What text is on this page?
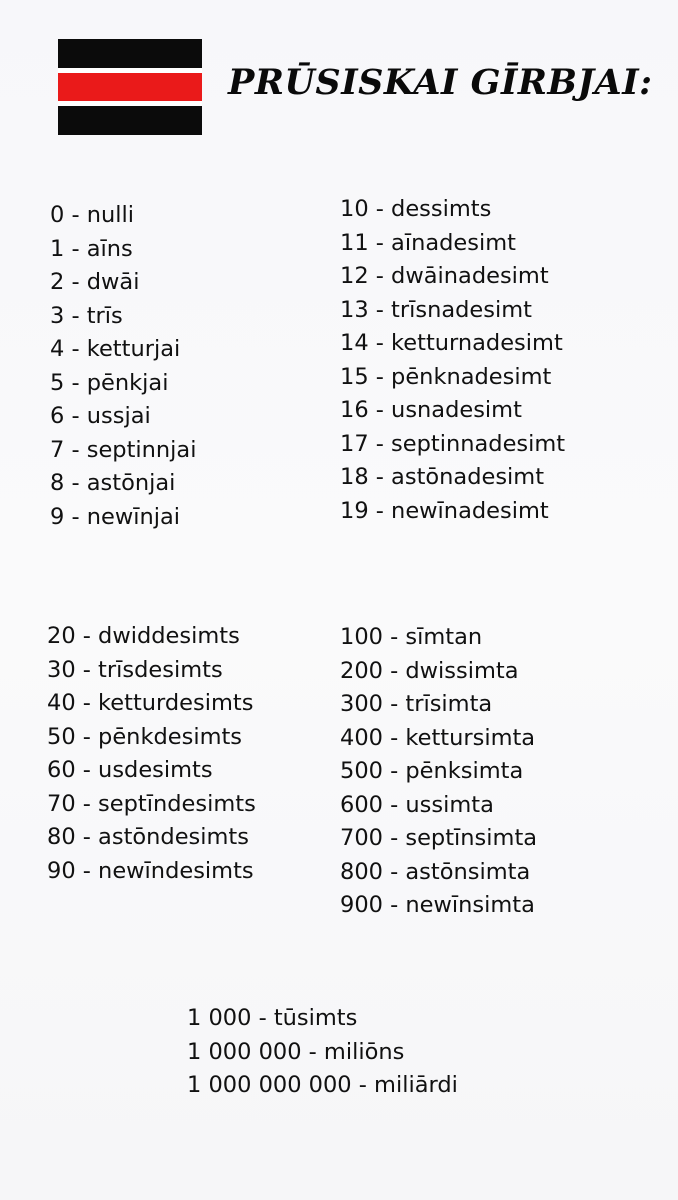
PRŪSISKAI GĪRBJAI:
0 - nulli
1 - aīns
2 - dwāi
3 - trīs
4 - ketturjai
5 - pēnkjai
6 - ussjai
7 - septinnjai
8 - astōnjai
9 - newīnjai
10 - dessimts
11 - aīnadesimt
12 - dwāinadesimt
13 - trīsnadesimt
14 - ketturnadesimt
15 - pēnknadesimt
16 - usnadesimt
17 - septinnadesimt
18 - astōnadesimt
19 - newīnadesimt
20 - dwiddesimts
30 - trīsdesimts
40 - ketturdesimts
50 - pēnkdesimts
60 - usdesimts
70 - septīndesimts
80 - astōndesimts
90 - newīndesimts
100 - sīmtan
200 - dwissimta
300 - trīsimta
400 - kettursimta
500 - pēnksimta
600 - ussimta
700 - septīnsimta
800 - astōnsimta
900 - newīnsimta
1 000 - tūsimts
1 000 000 - miliōns
1 000 000 000 - miliārdi
